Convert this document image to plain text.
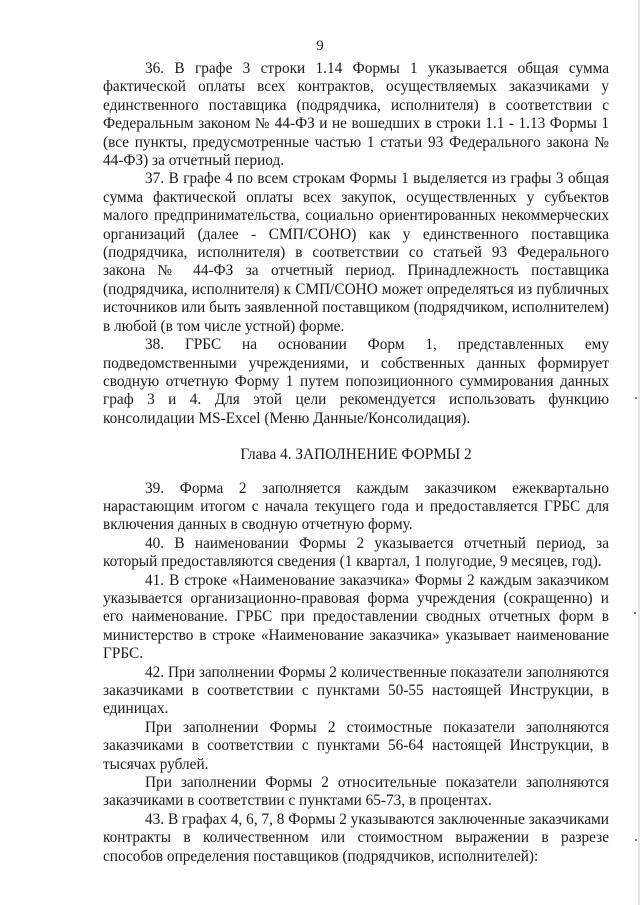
9

36. В графе 3 строки 1.14 Формы 1 указывается общая сумма фактической оплаты всех контрактов, осуществляемых заказчиками у единственного поставщика (подрядчика, исполнителя) в соответствии с Федеральным законом № 44-ФЗ и не вошедших в строки 1.1 - 1.13 Формы 1 (все пункты, предусмотренные частью 1 статьи 93 Федерального закона № 44-ФЗ) за отчетный период.

37. В графе 4 по всем строкам Формы 1 выделяется из графы 3 общая сумма фактической оплаты всех закупок, осуществленных у субъектов малого предпринимательства, социально ориентированных некоммерческих организаций (далее - СМП/СОНО) как у единственного поставщика (подрядчика, исполнителя) в соответствии со статьей 93 Федерального закона № 44-ФЗ за отчетный период. Принадлежность поставщика (подрядчика, исполнителя) к СМП/СОНО может определяться из публичных источников или быть заявленной поставщиком (подрядчиком, исполнителем) в любой (в том числе устной) форме.

38. ГРБС на основании Форм 1, представленных ему подведомственными учреждениями, и собственных данных формирует сводную отчетную Форму 1 путем попозиционного суммирования данных граф 3 и 4. Для этой цели рекомендуется использовать функцию консолидации MS-Excel (Меню Данные/Консолидация).

Глава 4. ЗАПОЛНЕНИЕ ФОРМЫ 2

39. Форма 2 заполняется каждым заказчиком ежеквартально нарастающим итогом с начала текущего года и предоставляется ГРБС для включения данных в сводную отчетную форму.

40. В наименовании Формы 2 указывается отчетный период, за который предоставляются сведения (1 квартал, 1 полугодие, 9 месяцев, год).

41. В строке «Наименование заказчика» Формы 2 каждым заказчиком указывается организационно-правовая форма учреждения (сокращенно) и его наименование. ГРБС при предоставлении сводных отчетных форм в министерство в строке «Наименование заказчика» указывает наименование ГРБС.

42. При заполнении Формы 2 количественные показатели заполняются заказчиками в соответствии с пунктами 50-55 настоящей Инструкции, в единицах.

При заполнении Формы 2 стоимостные показатели заполняются заказчиками в соответствии с пунктами 56-64 настоящей Инструкции, в тысячах рублей.

При заполнении Формы 2 относительные показатели заполняются заказчиками в соответствии с пунктами 65-73, в процентах.

43. В графах 4, 6, 7, 8 Формы 2 указываются заключенные заказчиками контракты в количественном или стоимостном выражении в разрезе способов определения поставщиков (подрядчиков, исполнителей):
